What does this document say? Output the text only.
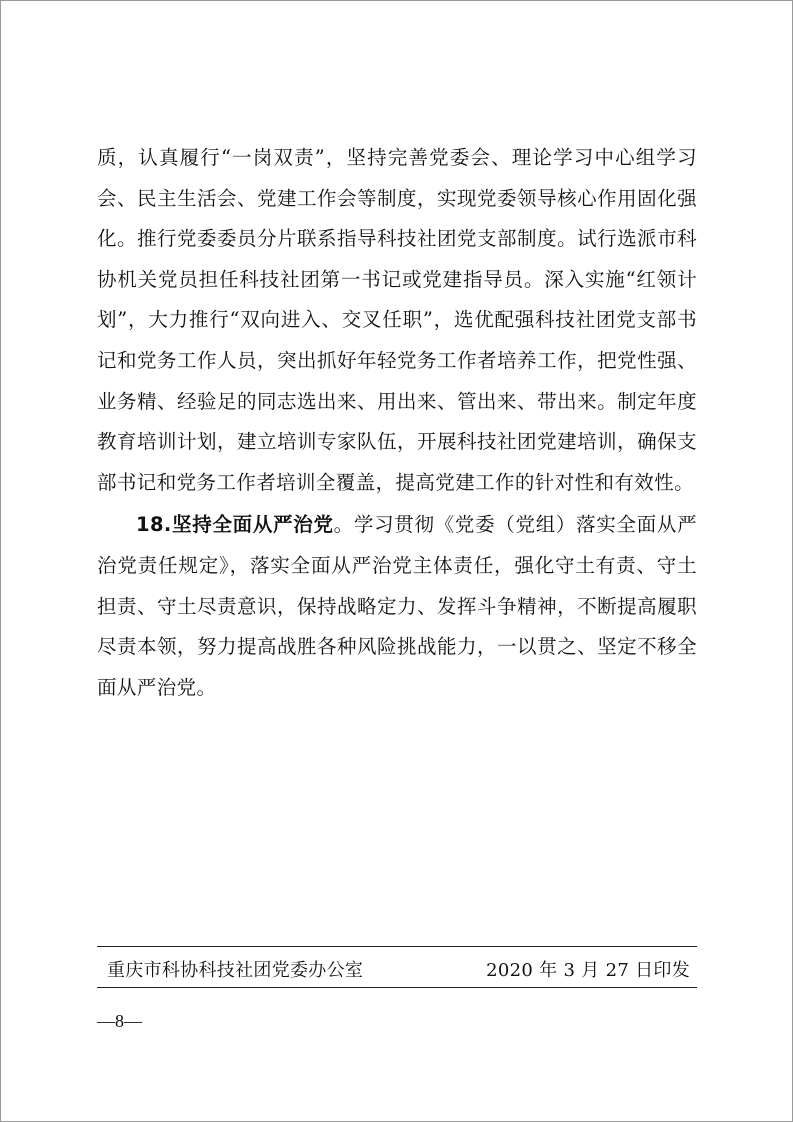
质，认真履行“一岗双责”，坚持完善党委会、理论学习中心组学习会、民主生活会、党建工作会等制度，实现党委领导核心作用固化强化。推行党委委员分片联系指导科技社团党支部制度。试行选派市科协机关党员担任科技社团第一书记或党建指导员。深入实施“红领计划”，大力推行“双向进入、交叉任职”，选优配强科技社团党支部书记和党务工作人员，突出抓好年轻党务工作者培养工作，把党性强、业务精、经验足的同志选出来、用出来、管出来、带出来。制定年度教育培训计划，建立培训专家队伍，开展科技社团党建培训，确保支部书记和党务工作者培训全覆盖，提高党建工作的针对性和有效性。

18.坚持全面从严治党。学习贯彻《党委（党组）落实全面从严治党责任规定》，落实全面从严治党主体责任，强化守土有责、守土担责、守土尽责意识，保持战略定力、发挥斗争精神，不断提高履职尽责本领，努力提高战胜各种风险挑战能力，一以贯之、坚定不移全面从严治党。

重庆市科协科技社团党委办公室	2020 年 3 月 27 日印发
—8—
